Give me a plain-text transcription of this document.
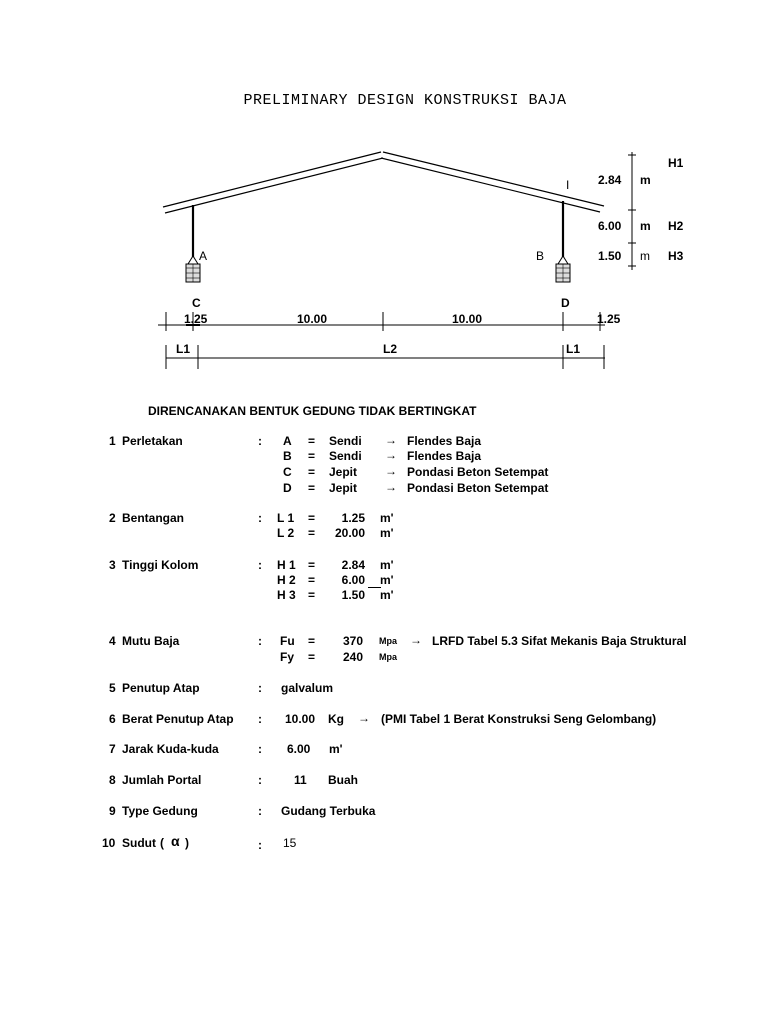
PRELIMINARY DESIGN KONSTRUKSI BAJA
H1
2.84 m
I
6.00 m H2
A	B	1.50 m H3
C	D
1.25	10.00	10.00	1.25
L1	L2	L1
DIRENCANAKAN BENTUK GEDUNG TIDAK BERTINGKAT
1 Perletakan	: A = Sendi → Flendes Baja
B = Sendi → Flendes Baja
C = Jepit → Pondasi Beton Setempat
D = Jepit → Pondasi Beton Setempat
2 Bentangan	: L 1 =	1.25 m'
L 2 =	20.00 m'
3 Tinggi Kolom	: H 1 =	2.84 m'
H 2 =	6.00 m'
H 3 =	1.50 m'
4 Mutu Baja	: Fu =	370 Mpa → LRFD Tabel 5.3 Sifat Mekanis Baja Struktural
Fy =	240 Mpa
5 Penutup Atap	: galvalum
6 Berat Penutup Atap : 10.00 Kg → (PMI Tabel 1 Berat Konstruksi Seng Gelombang)
7 Jarak Kuda-kuda	: 6.00 m'
8 Jumlah Portal	:	11 Buah
9 Type Gedung	: Gudang Terbuka
10 Sudut ( α )	: 15
